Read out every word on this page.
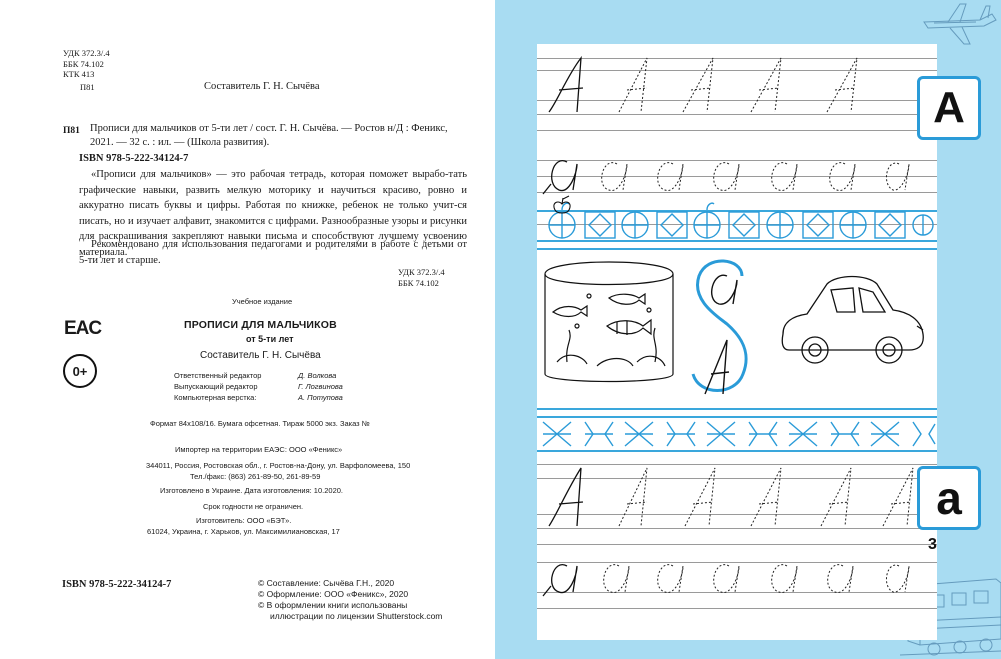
УДК 372.3/.4
ББК 74.102
КТК 413
П81	Составитель Г. Н. Сычёва
П81 Прописи для мальчиков от 5-ти лет / сост. Г. Н. Сычёва. — Ростов н/Д : Феникс,
2021. — 32 с. : ил. — (Школа развития).
ISBN 978-5-222-34124-7
«Прописи для мальчиков» — это рабочая тетрадь, которая поможет вырабо-тать графические навыки, развить мелкую моторику и научиться красиво, ровно и аккуратно писать буквы и цифры. Работая по книжке, ребенок не только учит-ся писать, но и изучает алфавит, знакомится с цифрами. Разнообразные узоры и рисунки для раскрашивания закрепляют навыки письма и способствуют лучшему усвоению материала.
Рекомендовано для использования педагогами и родителями в работе с детьми от 5-ти лет и старше.
УДК 372.3/.4
ББК 74.102
Учебное издание
EAC
0+
ПРОПИСИ ДЛЯ МАЛЬЧИКОВ
от 5-ти лет
Составитель Г. Н. Сычёва
Ответственный редактор	Д. Волкова
Выпускающий редактор	Г. Логвинова
Компьютерная верстка:	А. Потупова
Формат 84x108/16. Бумага офсетная. Тираж 5000 экз. Заказ №
Импортер на территории ЕАЭС: ООО «Феникс»
344011, Россия, Ростовская обл., г. Ростов-на-Дону, ул. Варфоломеева, 150
Тел./факс: (863) 261-89-50, 261-89-59
Изготовлено в Украине. Дата изготовления: 10.2020.
Срок годности не ограничен.
Изготовитель: ООО «БЭТ».
61024, Украина, г. Харьков, ул. Максимилиановская, 17
ISBN 978-5-222-34124-7	© Составление: Сычёва Г.Н., 2020
© Оформление: ООО «Феникс», 2020
© В оформлении книги использованы
иллюстрации по лицензии Shutterstock.com
А
а
3
